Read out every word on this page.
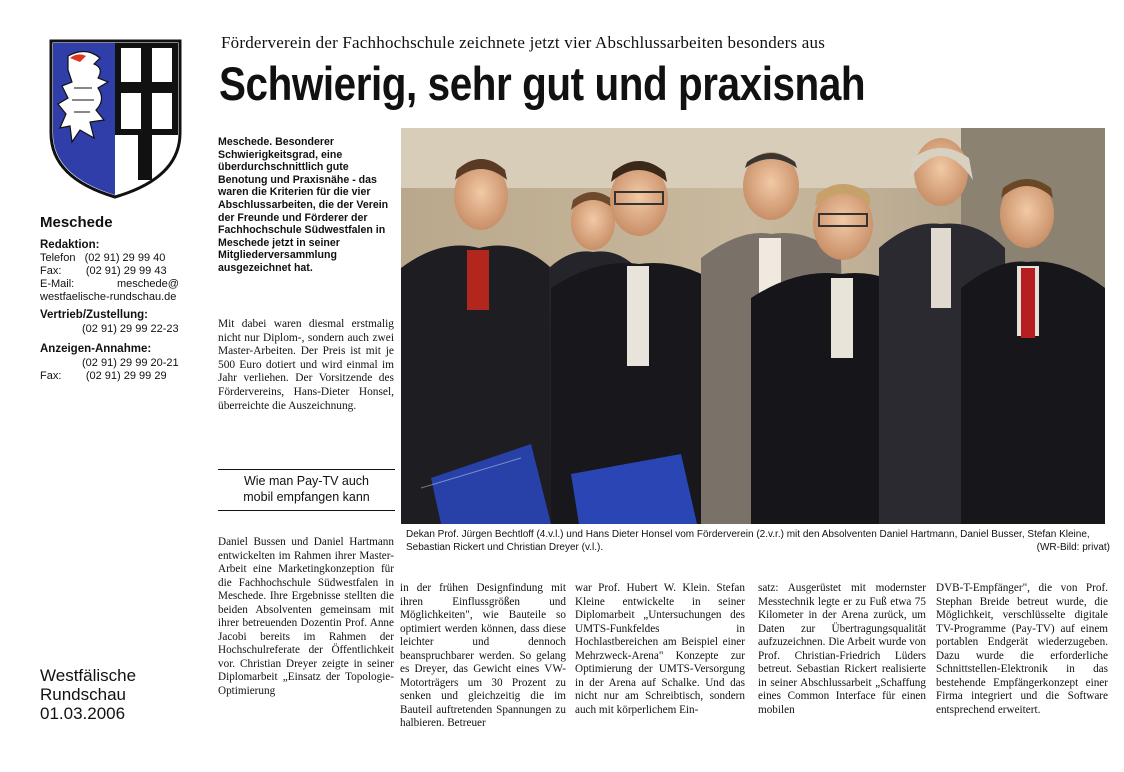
Meschede
Redaktion:
Telefon   (02 91) 29 99 40
Fax:        (02 91) 29 99 43
E-Mail:              meschede@
westfaelische-rundschau.de
Vertrieb/Zustellung:
(02 91) 29 99 22-23
Anzeigen-Annahme:
(02 91) 29 99 20-21
Fax:        (02 91) 29 99 29
Westfälische
Rundschau
01.03.2006
Förderverein der Fachhochschule zeichnete jetzt vier Abschlussarbeiten besonders aus
Schwierig, sehr gut und praxisnah
Meschede. Besonderer Schwierigkeitsgrad, eine überdurchschnittlich gute Benotung und Praxisnähe - das waren die Kriterien für die vier Abschlussarbeiten, die der Verein der Freunde und Förderer der Fachhochschule Südwestfalen in Meschede jetzt in seiner Mitgliederversammlung ausgezeichnet hat.
Mit dabei waren diesmal erstmalig nicht nur Diplom-, sondern auch zwei Master-Arbeiten. Der Preis ist mit je 500 Euro dotiert und wird einmal im Jahr verliehen. Der Vorsitzende des Fördervereins, Hans-Dieter Honsel, überreichte die Auszeichnung.
Wie man Pay-TV auch mobil empfangen kann
Dekan Prof. Jürgen Bechtloff (4.v.l.) und Hans Dieter Honsel vom Förderverein (2.v.r.) mit den Absolventen Daniel Hartmann, Daniel Busser, Stefan Kleine, Sebastian Rickert und Christian Dreyer (v.l.).	(WR-Bild: privat)
Daniel Bussen und Daniel Hartmann entwickelten im Rahmen ihrer Master-Arbeit eine Marketingkonzeption für die Fachhochschule Südwestfalen in Meschede. Ihre Ergebnisse stellten die beiden Absolventen gemeinsam mit ihrer betreuenden Dozentin Prof. Anne Jacobi bereits im Rahmen der Hochschulreferate der Öffentlichkeit vor. Christian Dreyer zeigte in seiner Diplomarbeit „Einsatz der Topologie-Optimierung
in der frühen Designfindung mit ihren Einflussgrößen und Möglichkeiten", wie Bauteile so optimiert werden können, dass diese leichter und dennoch beanspruchbarer werden. So gelang es Dreyer, das Gewicht eines VW-Motorträgers um 30 Prozent zu senken und gleichzeitig die im Bauteil auftretenden Spannungen zu halbieren. Betreuer
war Prof. Hubert W. Klein. Stefan Kleine entwickelte in seiner Diplomarbeit „Untersuchungen des UMTS-Funkfeldes in Hochlastbereichen am Beispiel einer Mehrzweck-Arena" Konzepte zur Optimierung der UMTS-Versorgung in der Arena auf Schalke. Und das nicht nur am Schreibtisch, sondern auch mit körperlichem Ein-
satz: Ausgerüstet mit modernster Messtechnik legte er zu Fuß etwa 75 Kilometer in der Arena zurück, um Daten zur Übertragungsqualität aufzuzeichnen. Die Arbeit wurde von Prof. Christian-Friedrich Lüders betreut. Sebastian Rickert realisierte in seiner Abschlussarbeit „Schaffung eines Common Interface für einen mobilen
DVB-T-Empfänger", die von Prof. Stephan Breide betreut wurde, die Möglichkeit, verschlüsselte digitale TV-Programme (Pay-TV) auf einem portablen Endgerät wiederzugeben. Dazu wurde die erforderliche Schnittstellen-Elektronik in das bestehende Empfängerkonzept einer Firma integriert und die Software entsprechend erweitert.
